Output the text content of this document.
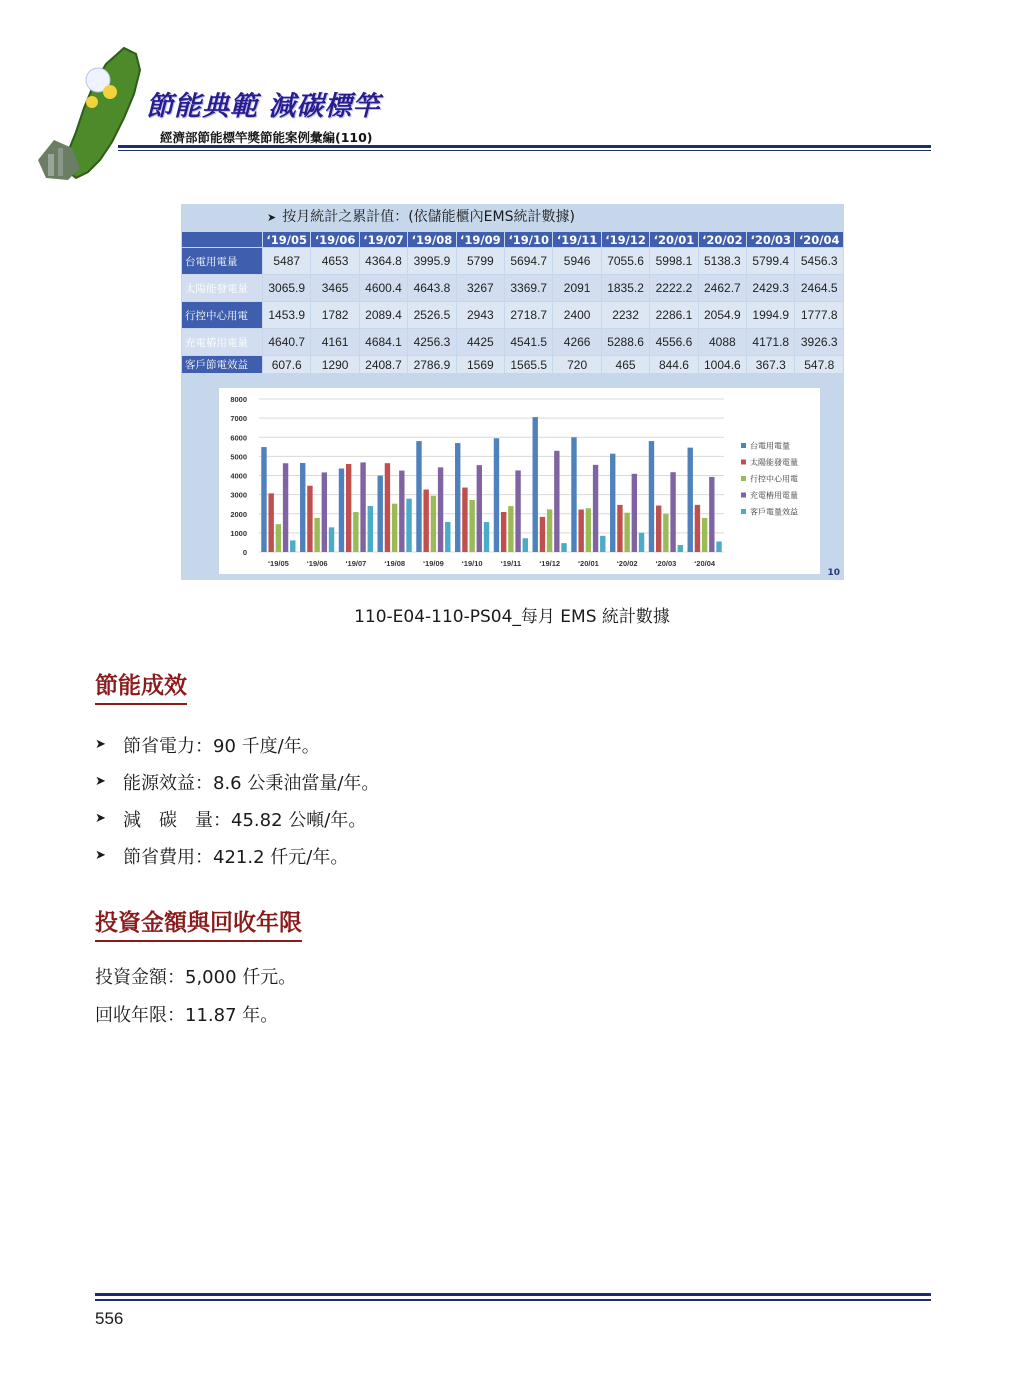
節能典範 減碳標竿
經濟部節能標竿獎節能案例彙編(110)
➤ 按月統計之累計值：(依儲能櫃內EMS統計數據)
	‘19/05	‘19/06	‘19/07	‘19/08	‘19/09	‘19/10	‘19/11	‘19/12	‘20/01	‘20/02	‘20/03	‘20/04
台電用電量	5487	4653	4364.8	3995.9	5799	5694.7	5946	7055.6	5998.1	5138.3	5799.4	5456.3
太陽能發電量	3065.9	3465	4600.4	4643.8	3267	3369.7	2091	1835.2	2222.2	2462.7	2429.3	2464.5
行控中心用電	1453.9	1782	2089.4	2526.5	2943	2718.7	2400	2232	2286.1	2054.9	1994.9	1777.8
充電樁用電量	4640.7	4161	4684.1	4256.3	4425	4541.5	4266	5288.6	4556.6	4088	4171.8	3926.3
客戶節電效益	607.6	1290	2408.7	2786.9	1569	1565.5	720	465	844.6	1004.6	367.3	547.8
8000
7000
6000
5000
4000
3000
2000
1000
0
‘19/05 ‘19/06 ‘19/07 ‘19/08 ‘19/09 ‘19/10 ‘19/11 ‘19/12 ‘20/01 ‘20/02 ‘20/03 ‘20/04
台電用電量
太陽能發電量
行控中心用電
充電樁用電量
客戶電量效益
10
110-E04-110-PS04_每月 EMS 統計數據
節能成效
➤ 節省電力：90 千度/年。
➤ 能源效益：8.6 公秉油當量/年。
➤ 減　碳　量：45.82 公噸/年。
➤ 節省費用：421.2 仟元/年。
投資金額與回收年限
投資金額：5,000 仟元。
回收年限：11.87 年。
556
